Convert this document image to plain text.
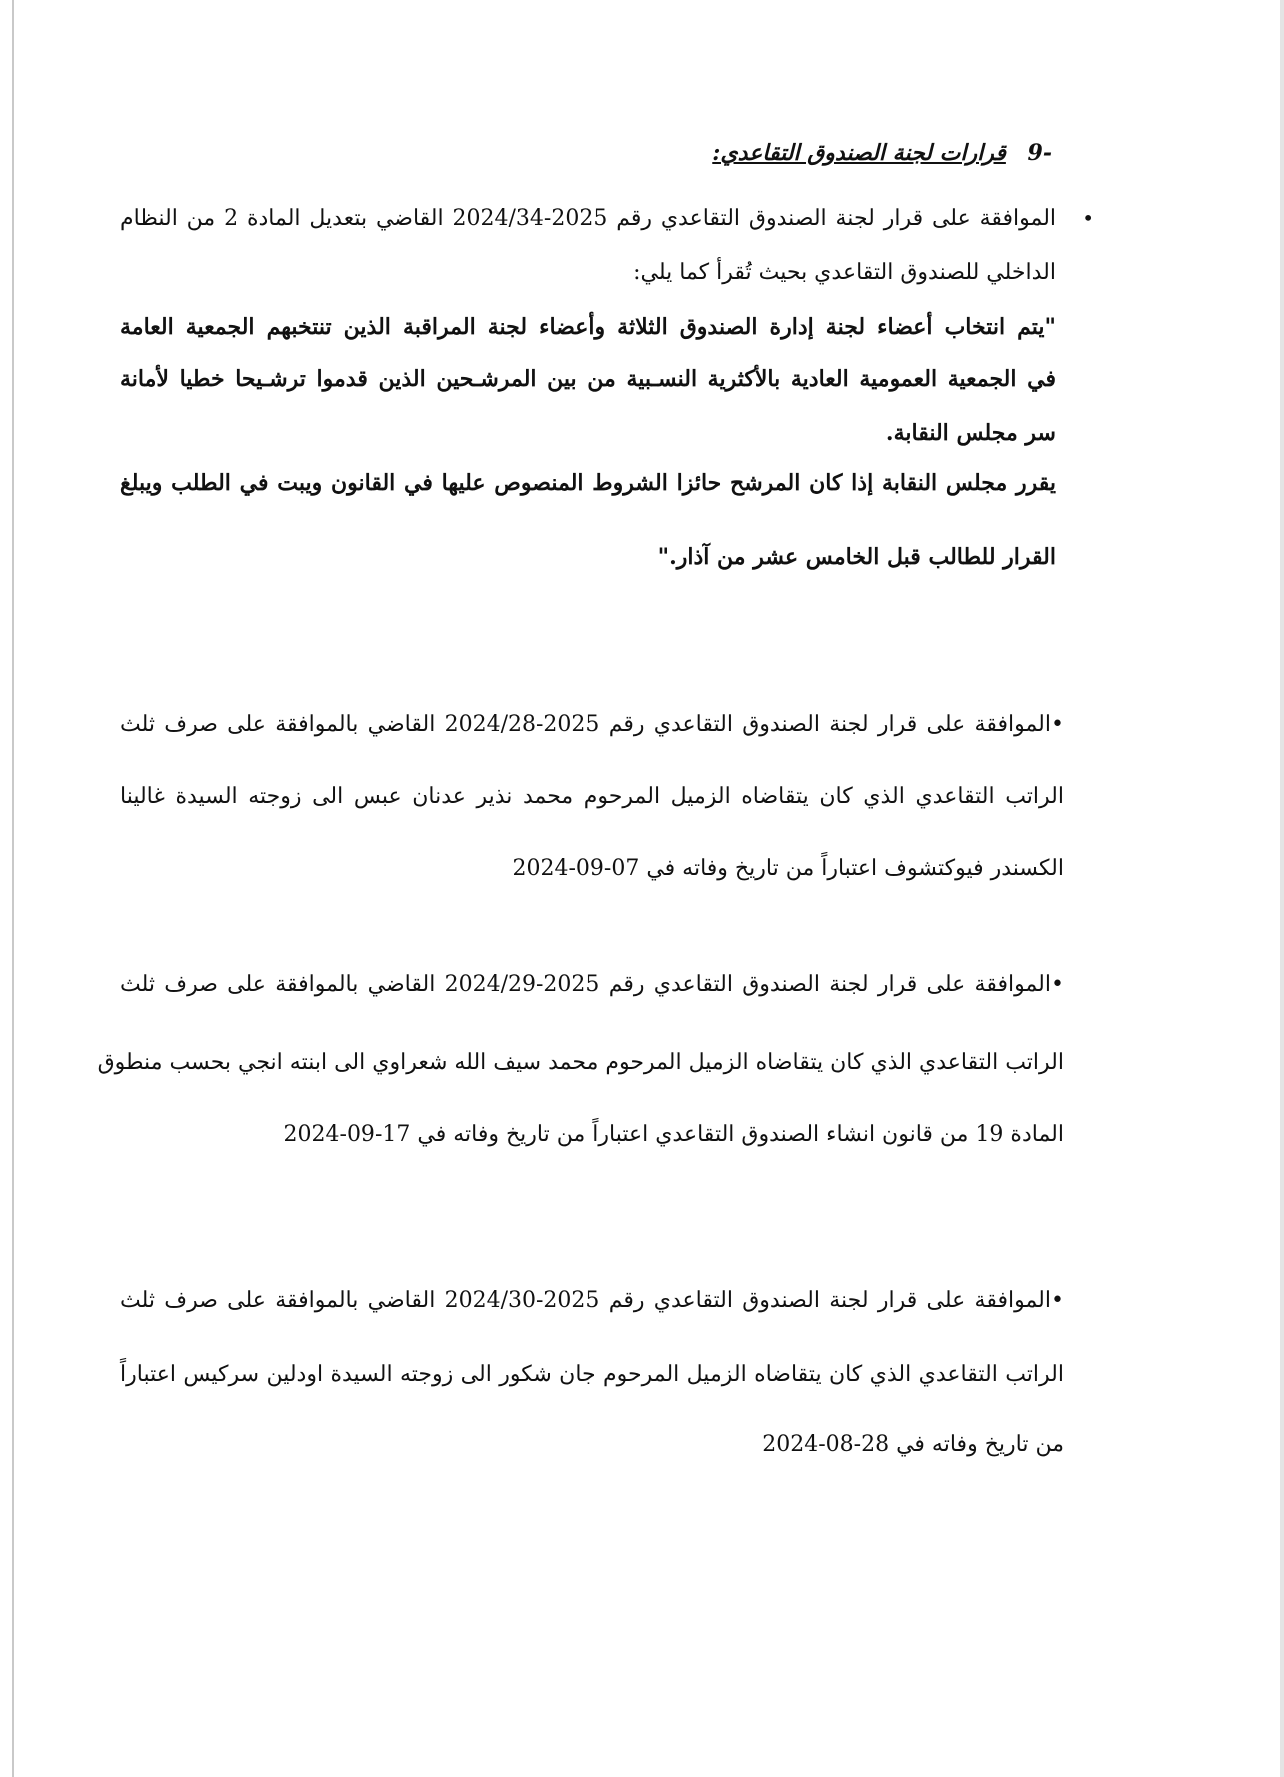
-9 قرارات لجنة الصندوق التقاعدي:
•
الموافقة على قرار لجنة الصندوق التقاعدي رقم 2025-2024/34 القاضي بتعديل المادة 2 من النظام
الداخلي للصندوق التقاعدي بحيث تُقرأ كما يلي:
"يتم انتخاب أعضاء لجنة إدارة الصندوق الثلاثة وأعضاء لجنة المراقبة الذين تنتخبهم الجمعية العامة
في الجمعية العمومية العادية بالأكثرية النسـبية من بين المرشـحين الذين قدموا ترشـيحا خطيا لأمانة
سر مجلس النقابة.
يقرر مجلس النقابة إذا كان المرشح حائزا الشروط المنصوص عليها في القانون ويبت في الطلب ويبلغ
القرار للطالب قبل الخامس عشر من آذار."
•الموافقة على قرار لجنة الصندوق التقاعدي رقم 2025-2024/28 القاضي بالموافقة على صرف ثلث
الراتب التقاعدي الذي كان يتقاضاه الزميل المرحوم محمد نذير عدنان عبس الى زوجته السيدة غالينا
الكسندر فيوكتشوف اعتباراً من تاريخ وفاته في 07-09-2024
•الموافقة على قرار لجنة الصندوق التقاعدي رقم 2025-2024/29 القاضي بالموافقة على صرف ثلث
الراتب التقاعدي الذي كان يتقاضاه الزميل المرحوم محمد سيف الله شعراوي الى ابنته انجي بحسب منطوق
المادة 19 من قانون انشاء الصندوق التقاعدي اعتباراً من تاريخ وفاته في 17-09-2024
•الموافقة على قرار لجنة الصندوق التقاعدي رقم 2025-2024/30 القاضي بالموافقة على صرف ثلث
الراتب التقاعدي الذي كان يتقاضاه الزميل المرحوم جان شكور الى زوجته السيدة اودلين سركيس اعتباراً
من تاريخ وفاته في 28-08-2024
